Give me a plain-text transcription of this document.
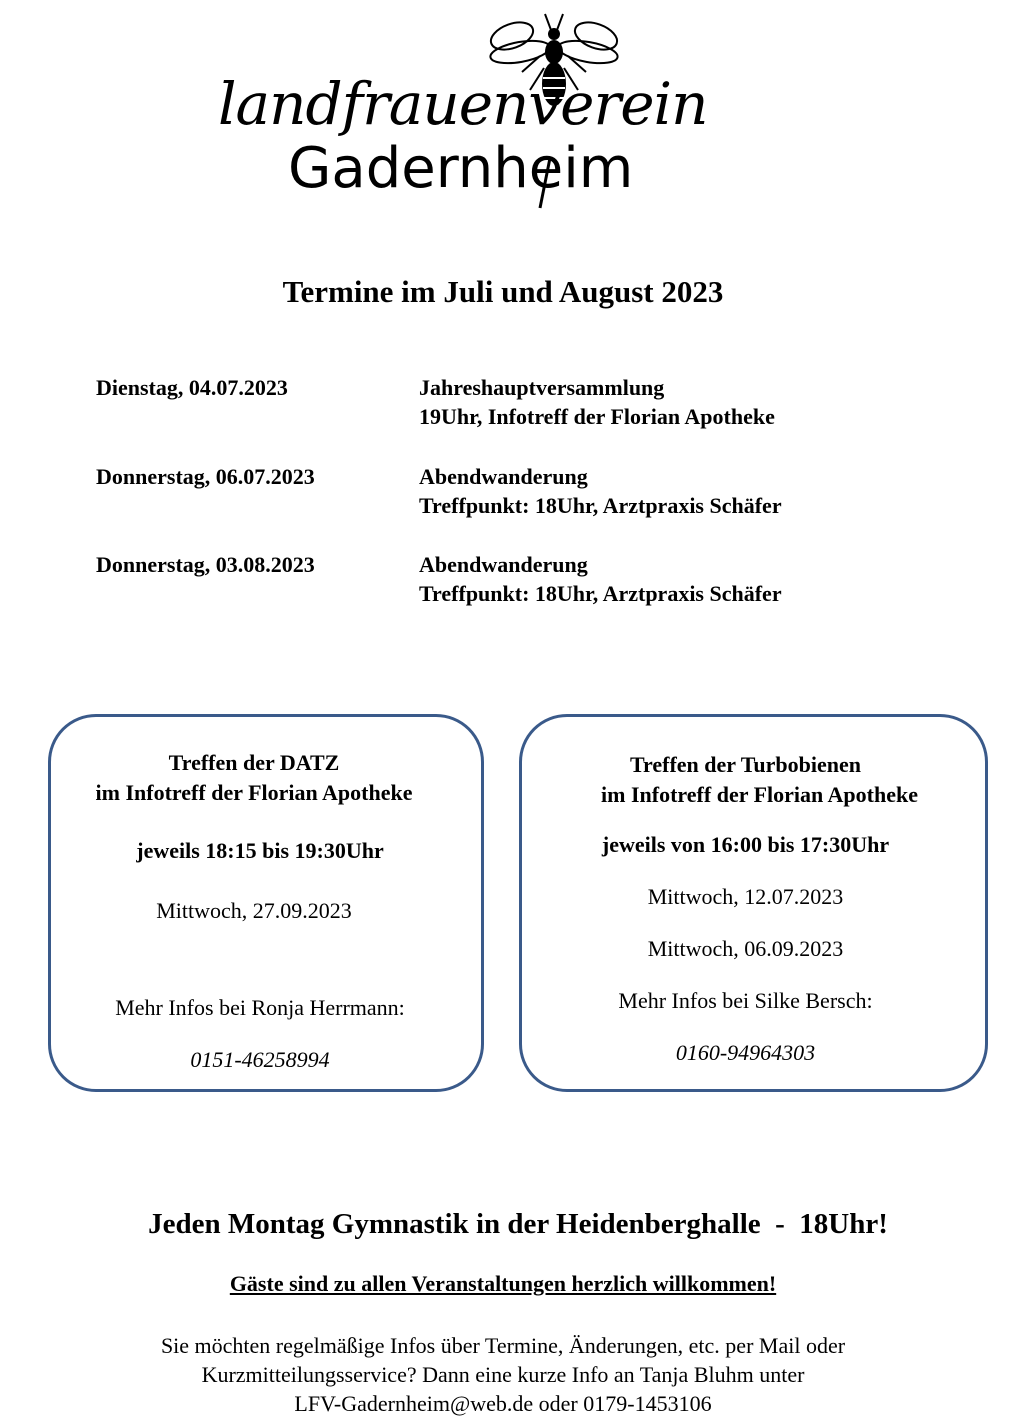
landfrauenverein
Gadernheim
Termine im Juli und August 2023
Dienstag, 04.07.2023	Jahreshauptversammlung
19Uhr, Infotreff der Florian Apotheke
Donnerstag, 06.07.2023	Abendwanderung
Treffpunkt: 18Uhr, Arztpraxis Schäfer
Donnerstag, 03.08.2023	Abendwanderung
Treffpunkt: 18Uhr, Arztpraxis Schäfer
Treffen der DATZ
im Infotreff der Florian Apotheke
jeweils 18:15 bis 19:30Uhr
Mittwoch, 27.09.2023
Mehr Infos bei Ronja Herrmann:
0151-46258994
Treffen der Turbobienen
im Infotreff der Florian Apotheke
jeweils von 16:00 bis 17:30Uhr
Mittwoch, 12.07.2023
Mittwoch, 06.09.2023
Mehr Infos bei Silke Bersch:
0160-94964303
Jeden Montag Gymnastik in der Heidenberghalle  -  18Uhr!
Gäste sind zu allen Veranstaltungen herzlich willkommen!
Sie möchten regelmäßige Infos über Termine, Änderungen, etc. per Mail oder
Kurzmitteilungsservice? Dann eine kurze Info an Tanja Bluhm unter
LFV-Gadernheim@web.de oder 0179-1453106
